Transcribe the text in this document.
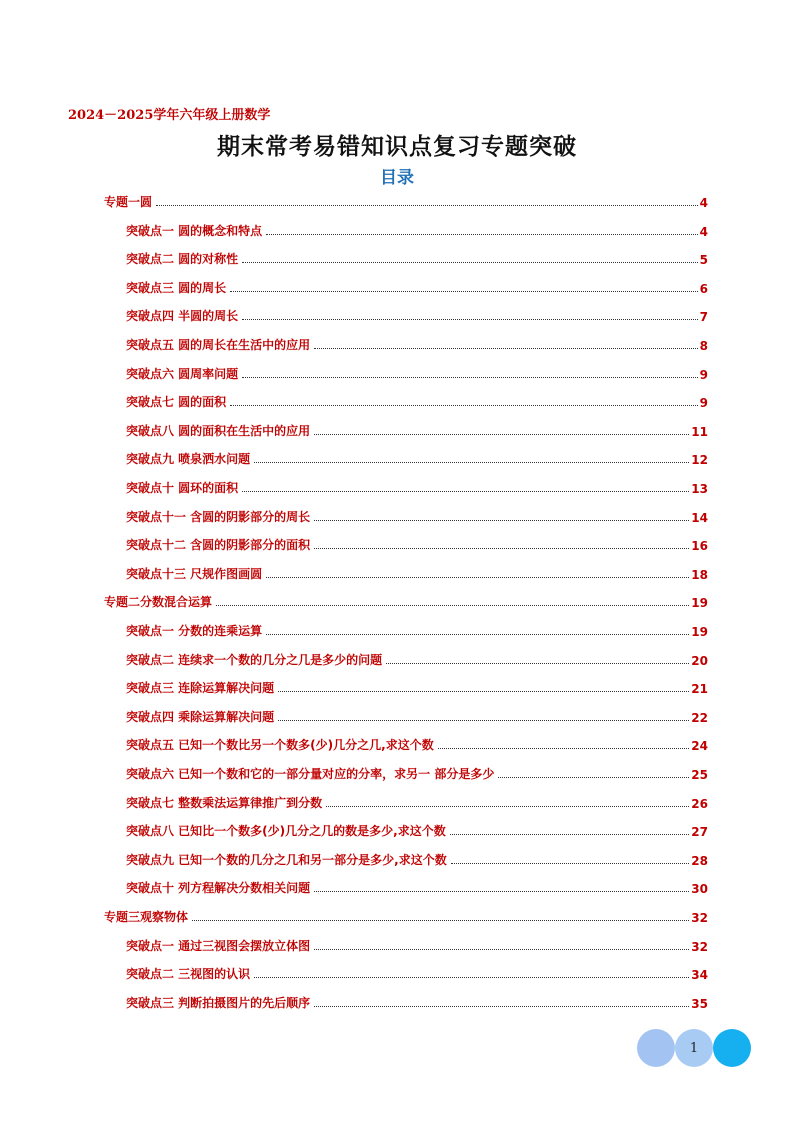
2024－2025学年六年级上册数学
期末常考易错知识点复习专题突破
目录
专题一圆	4
突破点一 圆的概念和特点	4
突破点二 圆的对称性	5
突破点三 圆的周长	6
突破点四 半圆的周长	7
突破点五 圆的周长在生活中的应用	8
突破点六 圆周率问题	9
突破点七 圆的面积	9
突破点八 圆的面积在生活中的应用	11
突破点九 喷泉洒水问题	12
突破点十 圆环的面积	13
突破点十一 含圆的阴影部分的周长	14
突破点十二 含圆的阴影部分的面积	16
突破点十三 尺规作图画圆	18
专题二分数混合运算	19
突破点一 分数的连乘运算	19
突破点二 连续求一个数的几分之几是多少的问题	20
突破点三 连除运算解决问题	21
突破点四 乘除运算解决问题	22
突破点五 已知一个数比另一个数多(少)几分之几,求这个数	24
突破点六 已知一个数和它的一部分量对应的分率，求另一 部分是多少	25
突破点七 整数乘法运算律推广到分数	26
突破点八 已知比一个数多(少)几分之几的数是多少,求这个数	27
突破点九 已知一个数的几分之几和另一部分是多少,求这个数	28
突破点十 列方程解决分数相关问题	30
专题三观察物体	32
突破点一 通过三视图会摆放立体图	32
突破点二 三视图的认识	34
突破点三 判断拍摄图片的先后顺序	35
1
